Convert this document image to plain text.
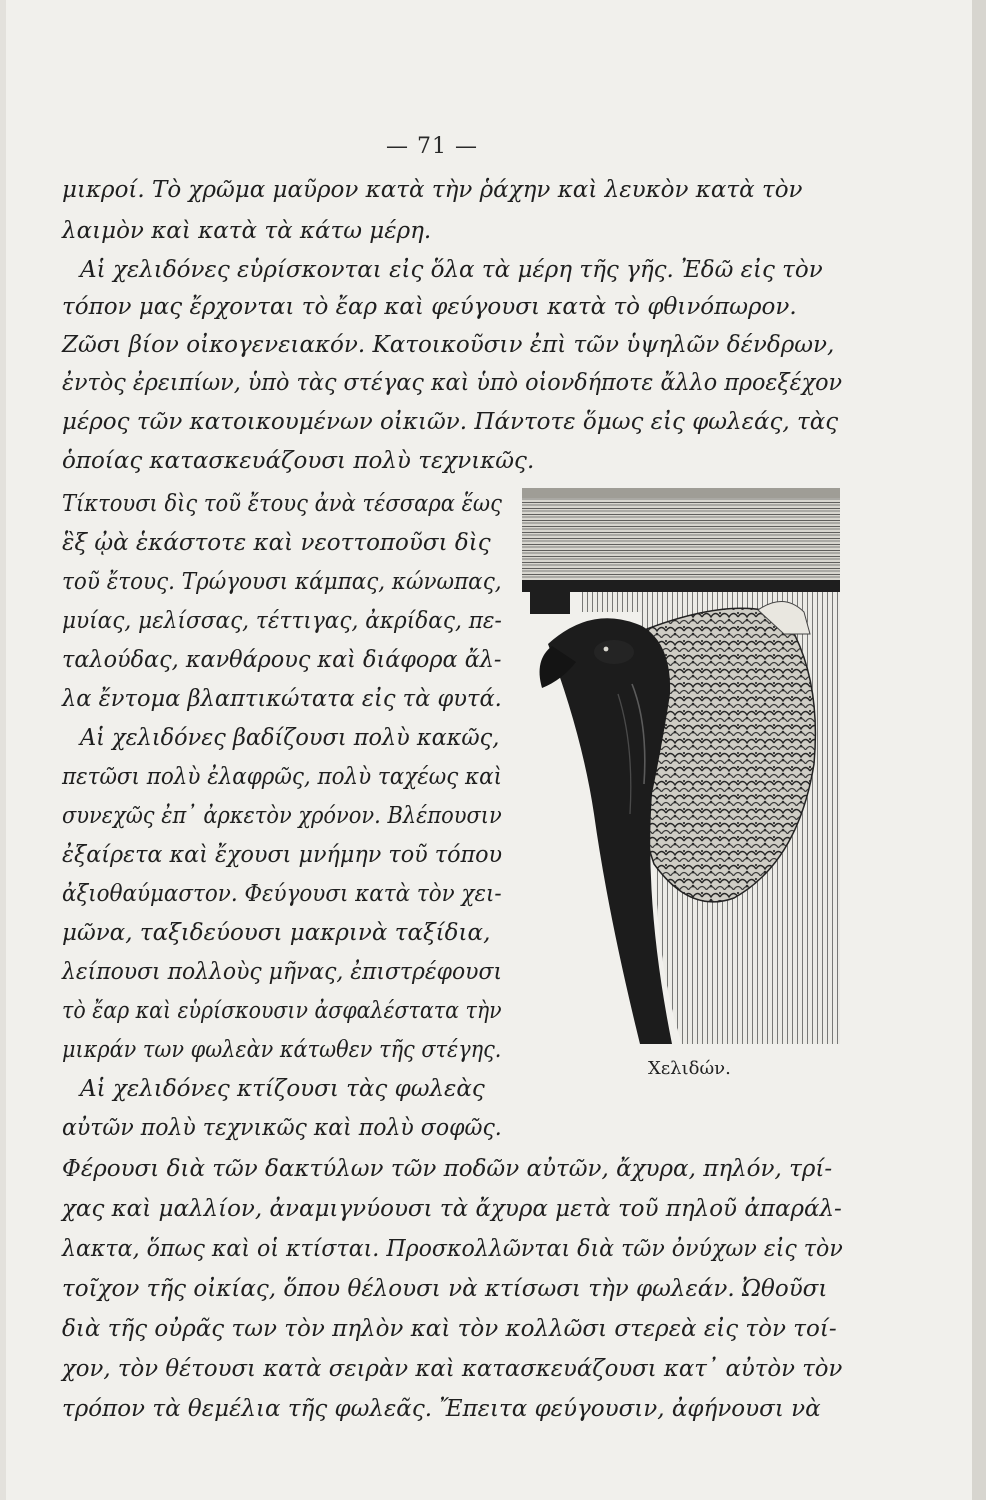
— 71 —
μικροί. Τὸ χρῶμα μαῦρον κατὰ τὴν ῥάχην καὶ λευκὸν κατὰ τὸν
λαιμὸν καὶ κατὰ τὰ κάτω μέρη.
Αἱ χελιδόνες εὑρίσκονται εἰς ὅλα τὰ μέρη τῆς γῆς. Ἐδῶ εἰς τὸν
τόπον μας ἔρχονται τὸ ἔαρ καὶ φεύγουσι κατὰ τὸ φθινόπωρον.
Ζῶσι βίον οἰκογενειακόν. Κατοικοῦσιν ἐπὶ τῶν ὑψηλῶν δένδρων,
ἐντὸς ἐρειπίων, ὑπὸ τὰς στέγας καὶ ὑπὸ οἱονδήποτε ἄλλο προεξέχον
μέρος τῶν κατοικουμένων οἰκιῶν. Πάντοτε ὅμως εἰς φωλεάς, τὰς
ὁποίας κατασκευάζουσι πολὺ τεχνικῶς.
Τίκτουσι δὶς τοῦ ἔτους ἀνὰ τέσσαρα ἕως
ἓξ ᾠὰ ἑκάστοτε καὶ νεοττοποῦσι δὶς
τοῦ ἔτους. Τρώγουσι κάμπας, κώνωπας,
μυίας, μελίσσας, τέττιγας, ἀκρίδας, πε-
ταλούδας, κανθάρους καὶ διάφορα ἄλ-
λα ἔντομα βλαπτικώτατα εἰς τὰ φυτά.
Αἱ χελιδόνες βαδίζουσι πολὺ κακῶς,
πετῶσι πολὺ ἐλαφρῶς, πολὺ ταχέως καὶ
συνεχῶς ἐπ᾽ ἀρκετὸν χρόνον. Βλέπουσιν
ἐξαίρετα καὶ ἔχουσι μνήμην τοῦ τόπου
ἀξιοθαύμαστον. Φεύγουσι κατὰ τὸν χει-
μῶνα, ταξιδεύουσι μακρινὰ ταξίδια,
λείπουσι πολλοὺς μῆνας, ἐπιστρέφουσι
τὸ ἔαρ καὶ εὑρίσκουσιν ἀσφαλέστατα τὴν
μικράν των φωλεὰν κάτωθεν τῆς στέγης.
Αἱ χελιδόνες κτίζουσι τὰς φωλεὰς
αὐτῶν πολὺ τεχνικῶς καὶ πολὺ σοφῶς.
Φέρουσι διὰ τῶν δακτύλων τῶν ποδῶν αὐτῶν, ἄχυρα, πηλόν, τρί-
χας καὶ μαλλίον, ἀναμιγνύουσι τὰ ἄχυρα μετὰ τοῦ πηλοῦ ἀπαράλ-
λακτα, ὅπως καὶ οἱ κτίσται. Προσκολλῶνται διὰ τῶν ὀνύχων εἰς τὸν
τοῖχον τῆς οἰκίας, ὅπου θέλουσι νὰ κτίσωσι τὴν φωλεάν. Ὠθοῦσι
διὰ τῆς οὐρᾶς των τὸν πηλὸν καὶ τὸν κολλῶσι στερεὰ εἰς τὸν τοί-
χον, τὸν θέτουσι κατὰ σειρὰν καὶ κατασκευάζουσι κατ᾽ αὐτὸν τὸν
τρόπον τὰ θεμέλια τῆς φωλεᾶς. Ἔπειτα φεύγουσιν, ἀφήνουσι νὰ
Χελιδών.
